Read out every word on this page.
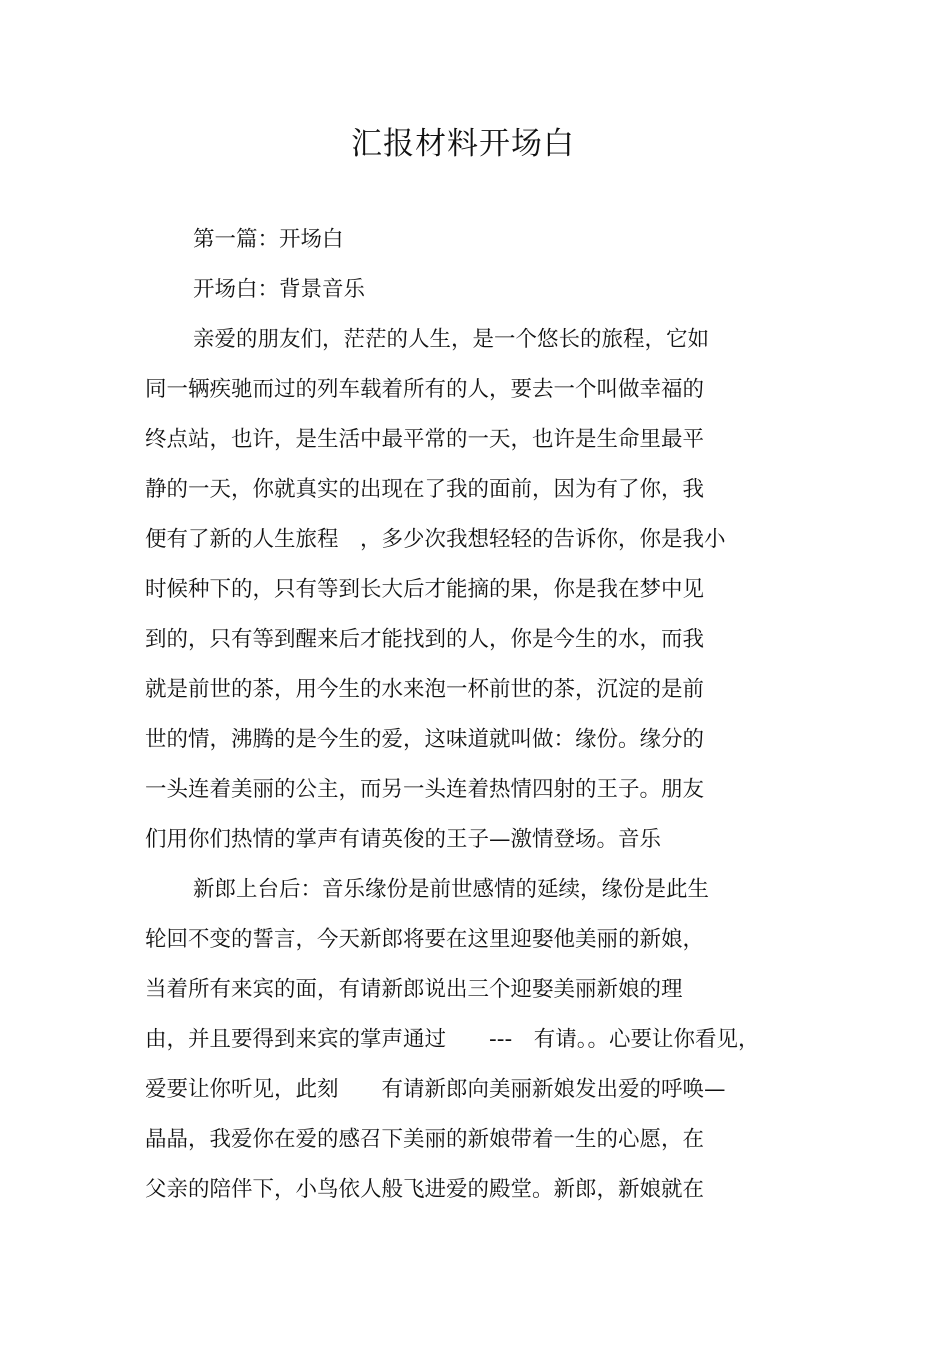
汇报材料开场白
第一篇：开场白
开场白：背景音乐
亲爱的朋友们，茫茫的人生，是一个悠长的旅程，它如
同一辆疾驰而过的列车载着所有的人，要去一个叫做幸福的
终点站，也许，是生活中最平常的一天，也许是生命里最平
静的一天，你就真实的出现在了我的面前，因为有了你，我
便有了新的人生旅程　，多少次我想轻轻的告诉你，你是我小
时候种下的，只有等到长大后才能摘的果，你是我在梦中见
到的，只有等到醒来后才能找到的人，你是今生的水，而我
就是前世的茶，用今生的水来泡一杯前世的茶，沉淀的是前
世的情，沸腾的是今生的爱，这味道就叫做：缘份。缘分的
一头连着美丽的公主，而另一头连着热情四射的王子。朋友
们用你们热情的掌声有请英俊的王子—激情登场。音乐
新郎上台后：音乐缘份是前世感情的延续，缘份是此生
轮回不变的誓言，今天新郎将要在这里迎娶他美丽的新娘，
当着所有来宾的面，有请新郎说出三个迎娶美丽新娘的理
由，并且要得到来宾的掌声通过　　---　有请。。心要让你看见，
爱要让你听见，此刻　　有请新郎向美丽新娘发出爱的呼唤—
晶晶，我爱你在爱的感召下美丽的新娘带着一生的心愿，在
父亲的陪伴下，小鸟依人般飞进爱的殿堂。新郎，新娘就在
